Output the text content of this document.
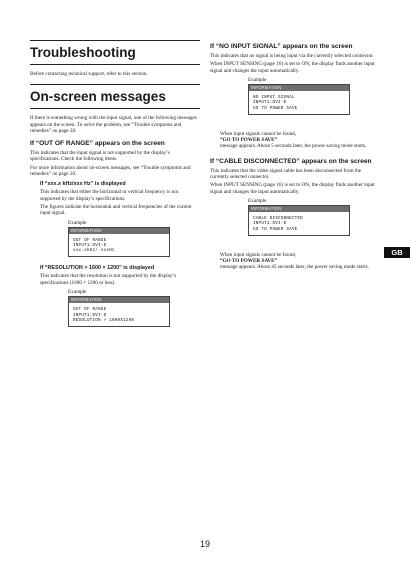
Troubleshooting
Before contacting technical support, refer to this section.
On-screen messages
If there is something wrong with the input signal, one of the following messages appears on the screen. To solve the problem, see “Trouble symptoms and remedies” on page 20.
If “OUT OF RANGE” appears on the screen
This indicates that the input signal is not supported by the display’s specifications. Check the following items.
For more information about on-screen messages, see “Trouble symptoms and remedies” on page 20.
If “xxx.x kHz/xxx Hz” is displayed
This indicates that either the horizontal or vertical frequency is not supported by the display’s specifications.
The figures indicate the horizontal and vertical frequencies of the current input signal.
Example
INFORMATION
OUT OF RANGE
INPUT1:DVI-D
xxx.xkHz/ xxxHz
If “RESOLUTION > 1600 × 1200” is displayed
This indicates that the resolution is not supported by the display’s specifications (1600 × 1200 or less).
Example
INFORMATION
OUT OF RANGE
INPUT1:DVI-D
RESOLUTION > 1600X1200
If “NO INPUT SIGNAL” appears on the screen
This indicates that no signal is being input via the currently selected connector.
When INPUT SENSING (page 16) is set to ON, the display finds another input signal and changes the input automatically.
Example
INFORMATION
NO INPUT SIGNAL
INPUT1:DVI-D
GO TO POWER SAVE
When input signals cannot be found,
“GO TO POWER SAVE”
message appears. About 5 seconds later, the power saving mode starts.
If “CABLE DISCONNECTED” appears on the screen
This indicates that the video signal cable has been disconnected from the currently selected connector.
When INPUT SENSING (page 16) is set to ON, the display finds another input signal and changes the input automatically.
Example
INFORMATION
CABLE DISCONNECTED
INPUT1:DVI-D
GO TO POWER SAVE
When input signals cannot be found,
“GO TO POWER SAVE”
message appears. About 45 seconds later, the power saving mode starts.
GB
19
